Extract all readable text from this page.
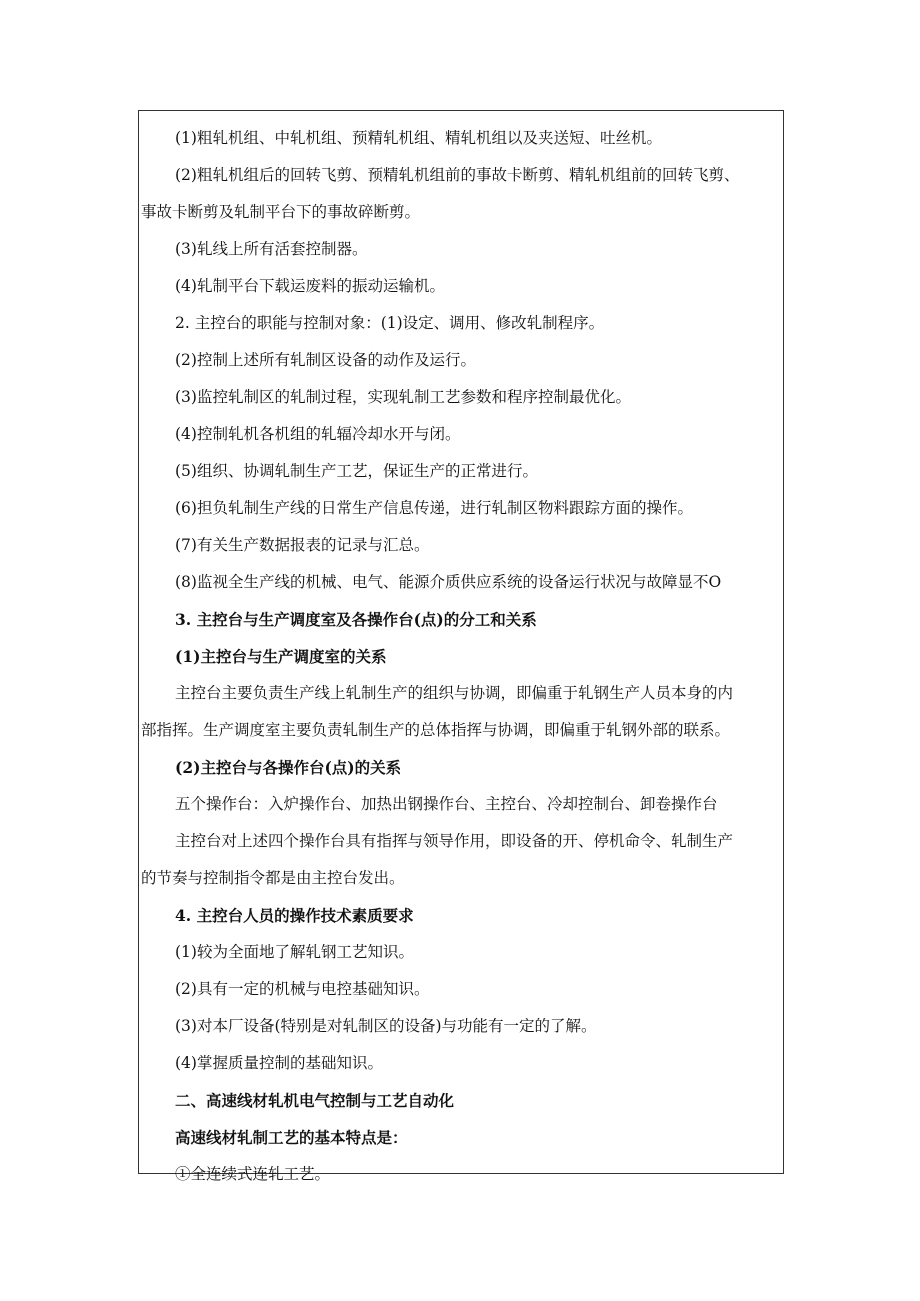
(1)粗轧机组、中轧机组、预精轧机组、精轧机组以及夹送短、吐丝机。
(2)粗轧机组后的回转飞剪、预精轧机组前的事故卡断剪、精轧机组前的回转飞剪、
事故卡断剪及轧制平台下的事故碎断剪。
(3)轧线上所有活套控制器。
(4)轧制平台下载运废料的振动运输机。
2. 主控台的职能与控制对象：(1)设定、调用、修改轧制程序。
(2)控制上述所有轧制区设备的动作及运行。
(3)监控轧制区的轧制过程，实现轧制工艺参数和程序控制最优化。
(4)控制轧机各机组的轧辐冷却水开与闭。
(5)组织、协调轧制生产工艺，保证生产的正常进行。
(6)担负轧制生产线的日常生产信息传递，进行轧制区物料跟踪方面的操作。
(7)有关生产数据报表的记录与汇总。
(8)监视全生产线的机械、电气、能源介质供应系统的设备运行状况与故障显不O
3. 主控台与生产调度室及各操作台(点)的分工和关系
(1)主控台与生产调度室的关系
主控台主要负责生产线上轧制生产的组织与协调，即偏重于轧钢生产人员本身的内
部指挥。生产调度室主要负责轧制生产的总体指挥与协调，即偏重于轧钢外部的联系。
(2)主控台与各操作台(点)的关系
五个操作台：入炉操作台、加热出钢操作台、主控台、冷却控制台、卸卷操作台
主控台对上述四个操作台具有指挥与领导作用，即设备的开、停机命令、轧制生产
的节奏与控制指令都是由主控台发出。
4. 主控台人员的操作技术素质要求
(1)较为全面地了解轧钢工艺知识。
(2)具有一定的机械与电控基础知识。
(3)对本厂设备(特别是对轧制区的设备)与功能有一定的了解。
(4)掌握质量控制的基础知识。
二、高速线材轧机电气控制与工艺自动化
高速线材轧制工艺的基本特点是：
①全连续式连轧工艺。
